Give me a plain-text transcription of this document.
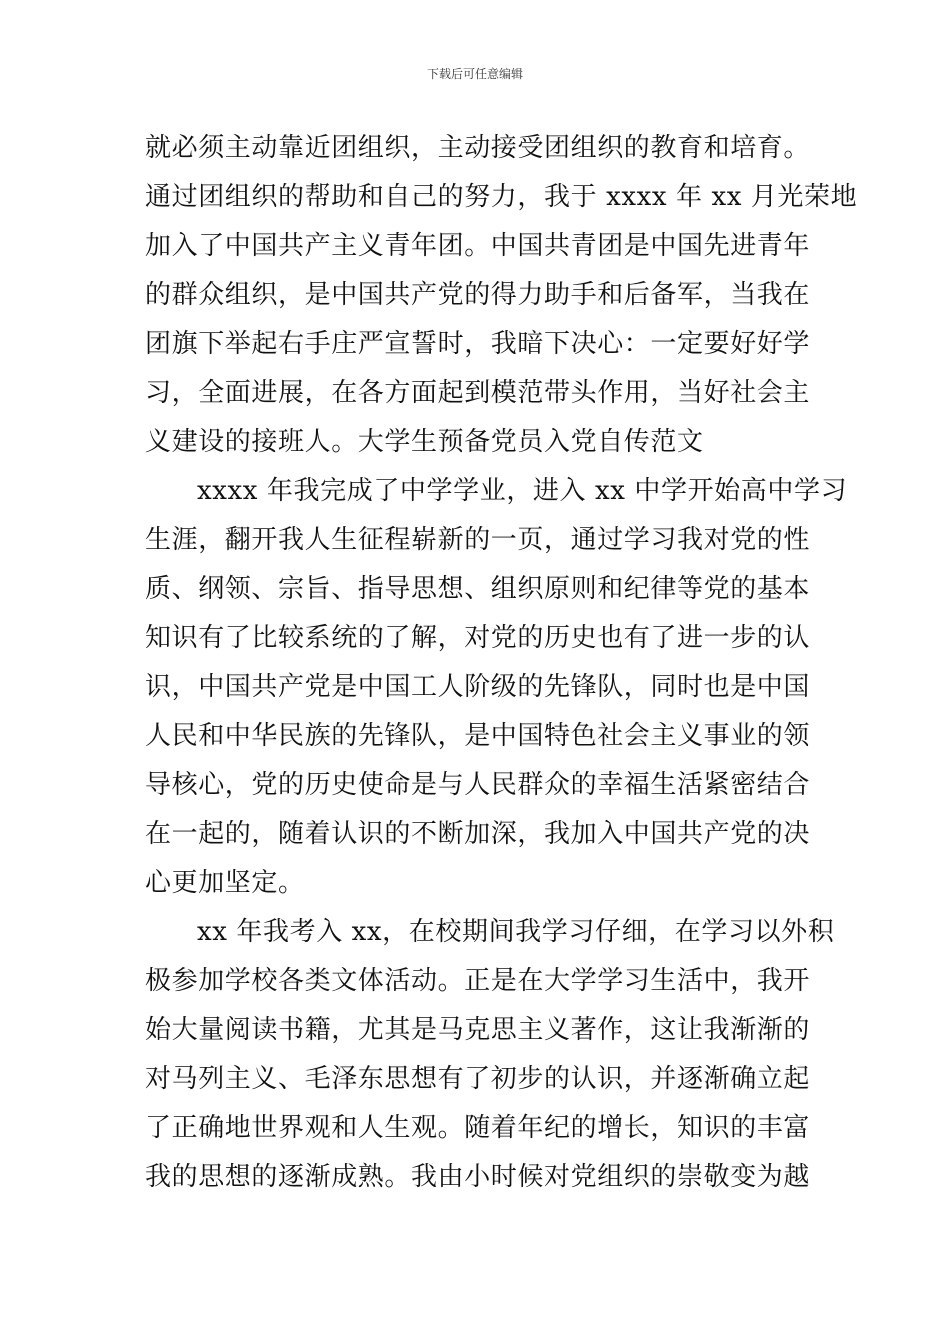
下载后可任意编辑
就必须主动靠近团组织，主动接受团组织的教育和培育。
通过团组织的帮助和自己的努力，我于 xxxx 年 xx 月光荣地
加入了中国共产主义青年团。中国共青团是中国先进青年
的群众组织，是中国共产党的得力助手和后备军，当我在
团旗下举起右手庄严宣誓时，我暗下决心：一定要好好学
习，全面进展，在各方面起到模范带头作用，当好社会主
义建设的接班人。大学生预备党员入党自传范文
xxxx 年我完成了中学学业，进入 xx 中学开始高中学习
生涯，翻开我人生征程崭新的一页，通过学习我对党的性
质、纲领、宗旨、指导思想、组织原则和纪律等党的基本
知识有了比较系统的了解，对党的历史也有了进一步的认
识，中国共产党是中国工人阶级的先锋队，同时也是中国
人民和中华民族的先锋队，是中国特色社会主义事业的领
导核心，党的历史使命是与人民群众的幸福生活紧密结合
在一起的，随着认识的不断加深，我加入中国共产党的决
心更加坚定。
xx 年我考入 xx，在校期间我学习仔细，在学习以外积
极参加学校各类文体活动。正是在大学学习生活中，我开
始大量阅读书籍，尤其是马克思主义著作，这让我渐渐的
对马列主义、毛泽东思想有了初步的认识，并逐渐确立起
了正确地世界观和人生观。随着年纪的增长，知识的丰富
我的思想的逐渐成熟。我由小时候对党组织的崇敬变为越
